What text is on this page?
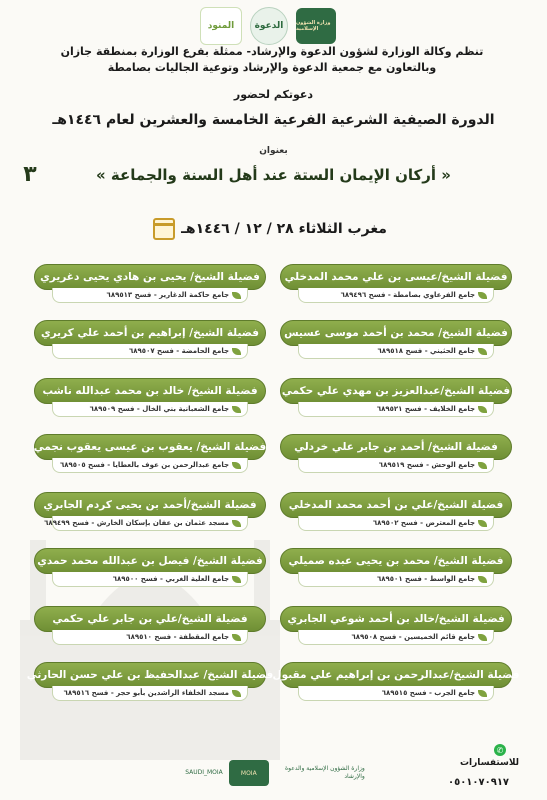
المنود	الدعوة	وزارة الشؤون الإسلامية
تنظم وكالة الوزارة لشؤون الدعوة والإرشاد- ممثلة بفرع الوزارة بمنطقة جازان
وبالتعاون مع جمعية الدعوة والإرشاد وتوعية الجاليات بصامطة
دعوتكم لحضور
الدورة الصيفية الشرعية الفرعية الخامسة والعشرين لعام ١٤٤٦هـ
بعنوان
« أركان الإيمان الستة عند أهل السنة والجماعة »
٣
مغرب الثلاثاء ٢٨ / ١٢ / ١٤٤٦هـ
فضيلة الشيخ/عيسى بن علي محمد المدخلي
جامع الفرعاوي بصامطة - فسح ٦٨٩٤٩٦
فضيلة الشيخ/ محمد بن أحمد موسى عسيس
جامع الحثيني - فسح ٦٨٩٥١٨
فضيلة الشيخ/عبدالعزيز بن مهدي علي حكمي
جامع الخلايف - فسح ٦٨٩٥٢١
فضيلة الشيخ/ أحمد بن جابر علي خردلي
جامع الوحش - فسح ٦٨٩٥١٩
فضيلة الشيخ/علي بن أحمد محمد المدخلي
جامع المعترض - فسح ٦٨٩٥٠٢
فضيلة الشيخ/ محمد بن يحيى عبده صميلي
جامع الواسط - فسح ٦٨٩٥٠١
فضيلة الشيخ/خالد بن أحمد شوعي الجابري
جامع قائم الخميسين - فسح ٦٨٩٥٠٨
فضيلة الشيخ/عبدالرحمن بن إبراهيم علي مقبول
جامع الجرب - فسح ٦٨٩٥١٥
فضيلة الشيخ/ يحيى بن هادي يحيى دغريري
جامع حاكمة الدغارير - فسح ٦٨٩٥١٣
فضيلة الشيخ/ إبراهيم بن أحمد علي كريري
جامع الحامضة - فسح ٦٨٩٥٠٧
فضيلة الشيخ/ خالد بن محمد عبدالله ناشب
جامع الشعبانية بني الخال - فسح ٦٨٩٥٠٩
فضيلة الشيخ/ يعقوب بن عيسى يعقوب نجمي
جامع عبدالرحمن بن عوف بالعطايا - فسح ٦٨٩٥٠٥
فضيلة الشيخ/أحمد بن يحيى كردم الجابري
مسجد عثمان بن عفان بإسكان الخارش - فسح ٦٨٩٤٩٩
فضيلة الشيخ/ فيصل بن عبدالله محمد حمدي
جامع العلية الغربي - فسح ٦٨٩٥٠٠
فضيلة الشيخ/علي بن جابر علي حكمي
جامع المقطفة - فسح ٦٨٩٥١٠
فضيلة الشيخ/ عبدالحفيظ بن علي حسن الحارثي
مسجد الخلفاء الراشدين بأبو حجر - فسح ٦٨٩٥١٦
✆
للاستفسارات
٠٥٠١٠٧٠٩١٧
SAUDI_MOIA	MOIA
وزارة الشؤون الإسلامية والدعوة والإرشاد
